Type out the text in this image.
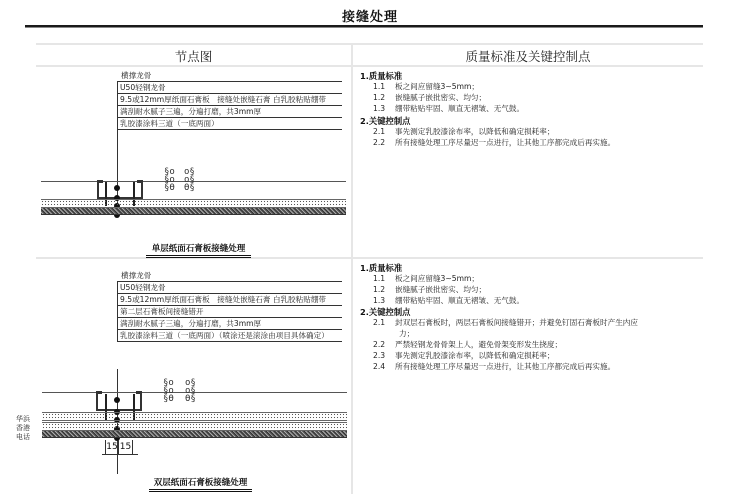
接缝处理
节点图	质量标准及关键控制点
横撑龙骨
U50轻钢龙骨
9.5或12mm厚纸面石膏板　接缝处嵌缝石膏 白乳胶粘贴绷带
满刮耐水腻子三遍，分遍打磨，共3mm厚
乳胶漆涂料三道（一底两面）
§o
§o
§ϴ
o§
o§
ϴ§
单层纸面石膏板接缝处理
1.质量标准
1.1 板之间应留缝3~5mm；
1.2 嵌缝腻子嵌批密实、均匀；
1.3 绷带粘贴牢固、顺直无褶皱、无气鼓。
2.关键控制点
2.1 事先测定乳胶漆涂布率，以降低和确定损耗率；
2.2 所有接缝处理工序尽量迟一点进行，让其他工序都完成后再实施。
横撑龙骨
U50轻钢龙骨
9.5或12mm厚纸面石膏板　接缝处嵌缝石膏 白乳胶粘贴绷带
第二层石膏板间接缝错开
满刮耐水腻子三遍，分遍打磨，共3mm厚
乳胶漆涂料三道（一底两面）（喷涂还是滚涂由项目具体确定）
§o
§o
§ϴ
o§
o§
ϴ§
15 15
双层纸面石膏板接缝处理
华浜
香港
电话
1.质量标准
1.1 板之间应留缝3~5mm；
1.2 嵌缝腻子嵌批密实、均匀；
1.3 绷带粘贴牢固、顺直无褶皱、无气鼓。
2.关键控制点
2.1 封双层石膏板时，两层石膏板间接缝错开；并避免钉固石膏板时产生内应
力；
2.2 严禁轻钢龙骨骨架上人，避免骨架变形发生挠度；
2.3 事先测定乳胶漆涂布率，以降低和确定损耗率；
2.4 所有接缝处理工序尽量迟一点进行，让其他工序都完成后再实施。
